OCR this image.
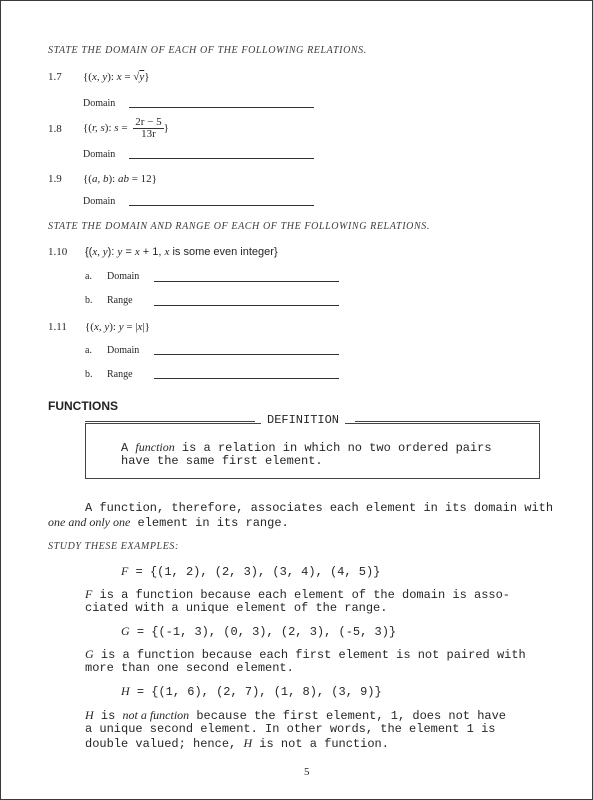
STATE THE DOMAIN OF EACH OF THE FOLLOWING RELATIONS.
1.7 {(x, y): x = √y}
Domain
1.8 {(r, s): $s = \frac{2r - 5}{13r}$ }
Domain
1.9 {(a, b): ab = 12}
Domain
STATE THE DOMAIN AND RANGE OF EACH OF THE FOLLOWING RELATIONS.
1.10 {(x, y): y = x + 1, x is some even integer}
a. Domain
b. Range
1.11 {(x, y): y = |x|}
a. Domain
b. Range
FUNCTIONS
DEFINITION
A function is a relation in which no two ordered pairs
have the same first element.
A function, therefore, associates each element in its domain with
one and only one element in its range.
STUDY THESE EXAMPLES:
F = {(1, 2), (2, 3), (3, 4), (4, 5)}
F is a function because each element of the domain is asso-
ciated with a unique element of the range.
G = {(-1, 3), (0, 3), (2, 3), (-5, 3)}
G is a function because each first element is not paired with
more than one second element.
H = {(1, 6), (2, 7), (1, 8), (3, 9)}
H is not a function because the first element, 1, does not have
a unique second element. In other words, the element 1 is
double valued; hence, H is not a function.
5
